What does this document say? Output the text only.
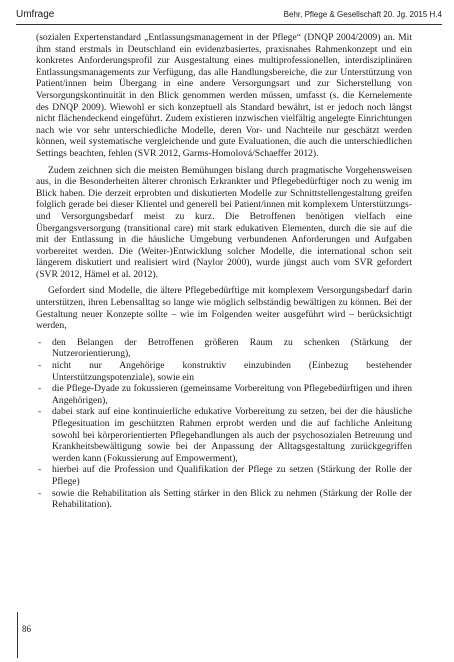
Umfrage	Behr, Pflege & Gesellschaft 20. Jg. 2015 H.4

(sozialen Expertenstandard „Entlassungsmanagement in der Pflege“ (DNQP 2004/2009) an. Mit ihm stand erstmals in Deutschland ein evidenzbasiertes, praxisnahes Rahmenkonzept und ein konkretes Anforderungsprofil zur Ausgestaltung eines multiprofessionellen, interdisziplinären Entlassungsmanagements zur Verfügung, das alle Handlungsbereiche, die zur Unterstützung von Patient/innen beim Übergang in eine andere Versorgungsart und zur Sicherstellung von Versorgungskontinuität in den Blick genommen werden müssen, umfasst (s. die Kernelemente des DNQP 2009). Wiewohl er sich konzeptuell als Standard bewährt, ist er jedoch noch längst nicht flächendeckend eingeführt. Zudem existieren inzwischen vielfältig angelegte Einrichtungen nach wie vor sehr unterschiedliche Modelle, deren Vor- und Nachteile nur geschätzt werden können, weil systematische vergleichende und gute Evaluationen, die auch die unterschiedlichen Settings beachten, fehlen (SVR 2012, Garms-Homolová/Schaeffer 2012).

Zudem zeichnen sich die meisten Bemühungen bislang durch pragmatische Vorgehensweisen aus, in die Besonderheiten älterer chronisch Erkrankter und Pflegebedürftiger noch zu wenig im Blick haben. Die derzeit erprobten und diskutierten Modelle zur Schnittstellengestaltung greifen folglich gerade bei dieser Klientel und generell bei Patient/innen mit komplexem Unterstützungs- und Versorgungsbedarf meist zu kurz. Die Betroffenen benötigen vielfach eine Übergangsversorgung (transitional care) mit stark edukativen Elementen, durch die sie auf die mit der Entlassung in die häusliche Umgebung verbundenen Anforderungen und Aufgaben vorbereitet werden. Die (Weiter-)Entwicklung solcher Modelle, die international schon seit längerem diskutiert und realisiert wird (Naylor 2000), wurde jüngst auch vom SVR gefordert (SVR 2012, Hämel et al. 2012).

Gefordert sind Modelle, die ältere Pflegebedürftige mit komplexem Versorgungsbedarf darin unterstützen, ihren Lebensalltag so lange wie möglich selbständig bewältigen zu können. Bei der Gestaltung neuer Konzepte sollte – wie im Folgenden weiter ausgeführt wird – berücksichtigt werden,

- den Belangen der Betroffenen größeren Raum zu schenken (Stärkung der Nutzerorientierung),
- nicht nur Angehörige konstruktiv einzubinden (Einbezug bestehender Unterstützungspotenziale), sowie ein
- die Pflege-Dyade zu fokussieren (gemeinsame Vorbereitung von Pflegebedürftigen und ihren Angehörigen),
- dabei stark auf eine kontinuierliche edukative Vorbereitung zu setzen, bei der die häusliche Pflegesituation im geschützten Rahmen erprobt werden und die auf fachliche Anleitung sowohl bei körperorientierten Pflegehandlungen als auch der psychosozialen Betreuung und Krankheitsbewältigung sowie bei der Anpassung der Alltagsgestaltung zurückgegriffen werden kann (Fokussierung auf Empowerment),
- hierbei auf die Profession und Qualifikation der Pflege zu setzen (Stärkung der Rolle der Pflege)
- sowie die Rehabilitation als Setting stärker in den Blick zu nehmen (Stärkung der Rolle der Rehabilitation).
86
